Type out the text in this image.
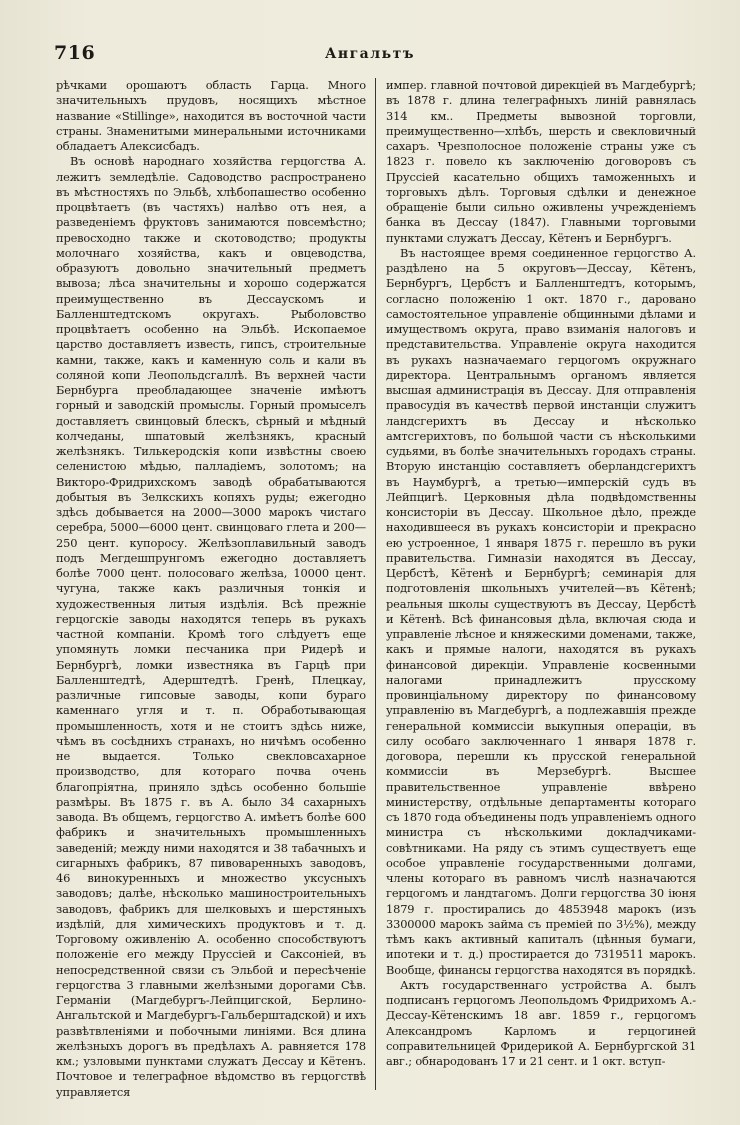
716	Ангальтъ

рѣчками орошаютъ область Гарца. Много значительныхъ прудовъ, носящихъ мѣстное название «Stillinge», находится въ восточной части страны. Знаменитыми минеральными источниками обладаетъ Алексисбадъ.

Въ основѣ народнаго хозяйства герцогства А. лежитъ земледѣліе. Садоводство распространено въ мѣстностяхъ по Эльбѣ, хлѣбопашество особенно процвѣтаетъ (въ частяхъ) налѣво отъ нея, а разведеніемъ фруктовъ занимаются повсемѣстно; превосходно также и скотоводство; продукты молочнаго хозяйства, какъ и овцеводства, образуютъ довольно значительный предметъ вывоза; лѣса значительны и хорошо содержатся преимущественно въ Дессаускомъ и Балленштедтскомъ округахъ. Рыболовство процвѣтаетъ особенно на Эльбѣ. Ископаемое царство доставляетъ известь, гипсъ, строительные камни, также, какъ и каменную соль и кали въ соляной копи Леопольдсгаллѣ. Въ верхней части Бернбурга преобладающее значеніе имѣютъ горный и заводскій промыслы. Горный промыселъ доставляетъ свинцовый блескъ, сѣрный и мѣдный колчеданы, шпатовый желѣзнякъ, красный желѣзнякъ. Тилькеродскія копи извѣстны своею селенистою мѣдью, палладіемъ, золотомъ; на Викторо-Фридрихскомъ заводѣ обрабатываются добытыя въ Зелкскихъ копяхъ руды; ежегодно здѣсь добывается на 2000—3000 марокъ чистаго серебра, 5000—6000 цент. свинцоваго глета и 200—250 цент. купоросу. Желѣзоплавильный заводъ подъ Мегдешпрунгомъ ежегодно доставляетъ болѣе 7000 цент. полосоваго желѣза, 10000 цент. чугуна, также какъ различныя тонкія и художественныя литыя издѣлія. Всѣ прежніе герцогскіе заводы находятся теперь въ рукахъ частной компаніи. Кромѣ того слѣдуетъ еще упомянуть ломки песчаника при Ридерѣ и Бернбургѣ, ломки известняка въ Гарцѣ при Балленштедтѣ, Адерштедтѣ. Гренѣ, Плецкау, различные гипсовые заводы, копи бураго каменнаго угля и т. п. Обработывающая промышленность, хотя и не стоитъ здѣсь ниже, чѣмъ въ сосѣднихъ странахъ, но ничѣмъ особенно не выдается. Только свекловсахарное производство, для котораго почва очень благопріятна, приняло здѣсь особенно большіе размѣры. Въ 1875 г. въ А. было 34 сахарныхъ завода. Въ общемъ, герцогство А. имѣетъ болѣе 600 фабрикъ и значительныхъ промышленныхъ заведеній; между ними находятся и 38 табачныхъ и сигарныхъ фабрикъ, 87 пивоваренныхъ заводовъ, 46 винокуренныхъ и множество уксусныхъ заводовъ; далѣе, нѣсколько машиностроительныхъ заводовъ, фабрикъ для шелковыхъ и шерстяныхъ издѣлій, для химическихъ продуктовъ и т. д. Торговому оживленію А. особенно способствуютъ положеніе его между Пруссіей и Саксоніей, въ непосредственной связи съ Эльбой и пересѣченіе герцогства 3 главными желѣзными дорогами Сѣв. Германіи (Магдебургъ-Лейпцигской, Берлино-Ангальтской и Магдебургъ-Гальберштадской) и ихъ развѣтвленіями и побочными линіями. Вся длина желѣзныхъ дорогъ въ предѣлахъ А. равняется 178 км.; узловыми пунктами служатъ Дессау и Кётенъ. Почтовое и телеграфное вѣдомство въ герцогствѣ управляется

импер. главной почтовой дирекціей въ Магдебургѣ; въ 1878 г. длина телеграфныхъ линій равнялась 314 км.. Предметы вывозной торговли, преимущественно—хлѣбъ, шерсть и свекловичный сахаръ. Чрезполосное положеніе страны уже съ 1823 г. повело къ заключенію договоровъ съ Пруссіей касательно общихъ таможенныхъ и торговыхъ дѣлъ. Торговыя сдѣлки и денежное обращеніе были сильно оживлены учрежденіемъ банка въ Дессау (1847). Главными торговыми пунктами служатъ Дессау, Кётенъ и Бернбургъ.

Въ настоящее время соединенное герцогство А. раздѣлено на 5 округовъ—Дессау, Кётенъ, Бернбургъ, Цербстъ и Балленштедтъ, которымъ, согласно положенію 1 окт. 1870 г., даровано самостоятельное управленіе общинными дѣлами и имуществомъ округа, право взиманія налоговъ и представительства. Управленіе округа находится въ рукахъ назначаемаго герцогомъ окружнаго директора. Центральнымъ органомъ является высшая администрація въ Дессау. Для отправленія правосудія въ качествѣ первой инстанціи служитъ ландсгерихтъ въ Дессау и нѣсколько амтсгерихтовъ, по большой части съ нѣсколькими судьями, въ болѣе значительныхъ городахъ страны. Вторую инстанцію составляетъ оберландсгерихтъ въ Наумбургѣ, а третью—имперскій судъ въ Лейпцигѣ. Церковныя дѣла подвѣдомственны консисторіи въ Дессау. Школьное дѣло, прежде находившееся въ рукахъ консисторіи и прекрасно ею устроенное, 1 января 1875 г. перешло въ руки правительства. Гимназіи находятся въ Дессау, Цербстѣ, Кётенѣ и Бернбургѣ; семинарія для подготовленія школьныхъ учителей—въ Кётенѣ; реальныя школы существуютъ въ Дессау, Цербстѣ и Кётенѣ. Всѣ финансовыя дѣла, включая сюда и управленіе лѣсное и княжескими доменами, также, какъ и прямые налоги, находятся въ рукахъ финансовой дирекціи. Управленіе косвенными налогами принадлежитъ прусскому провинціальному директору по финансовому управленію въ Магдебургѣ, а подлежавшія прежде генеральной коммиссіи выкупныя операціи, въ силу особаго заключеннаго 1 января 1878 г. договора, перешли къ прусской генеральной коммиссіи въ Мерзебургѣ. Высшее правительственное управленіе ввѣрено министерству, отдѣльные департаменты котораго съ 1870 года объединены подъ управленіемъ одного министра съ нѣсколькими докладчиками-совѣтниками. На ряду съ этимъ существуетъ еще особое управленіе государственными долгами, члены котораго въ равномъ числѣ назначаются герцогомъ и ландтагомъ. Долги герцогства 30 іюня 1879 г. простирались до 4853948 марокъ (изъ 3300000 марокъ займа съ преміей по 3½%), между тѣмъ какъ активный капиталъ (цѣнныя бумаги, ипотеки и т. д.) простирается до 7319511 марокъ. Вообще, финансы герцогства находятся въ порядкѣ.

Актъ государственнаго устройства А. былъ подписанъ герцогомъ Леопольдомъ Фридрихомъ А.-Дессау-Кётенскимъ 18 авг. 1859 г., герцогомъ Александромъ Карломъ и герцогиней соправительницей Фридерикой А. Бернбургской 31 авг.; обнародованъ 17 и 21 сент. и 1 окт. вступ-
